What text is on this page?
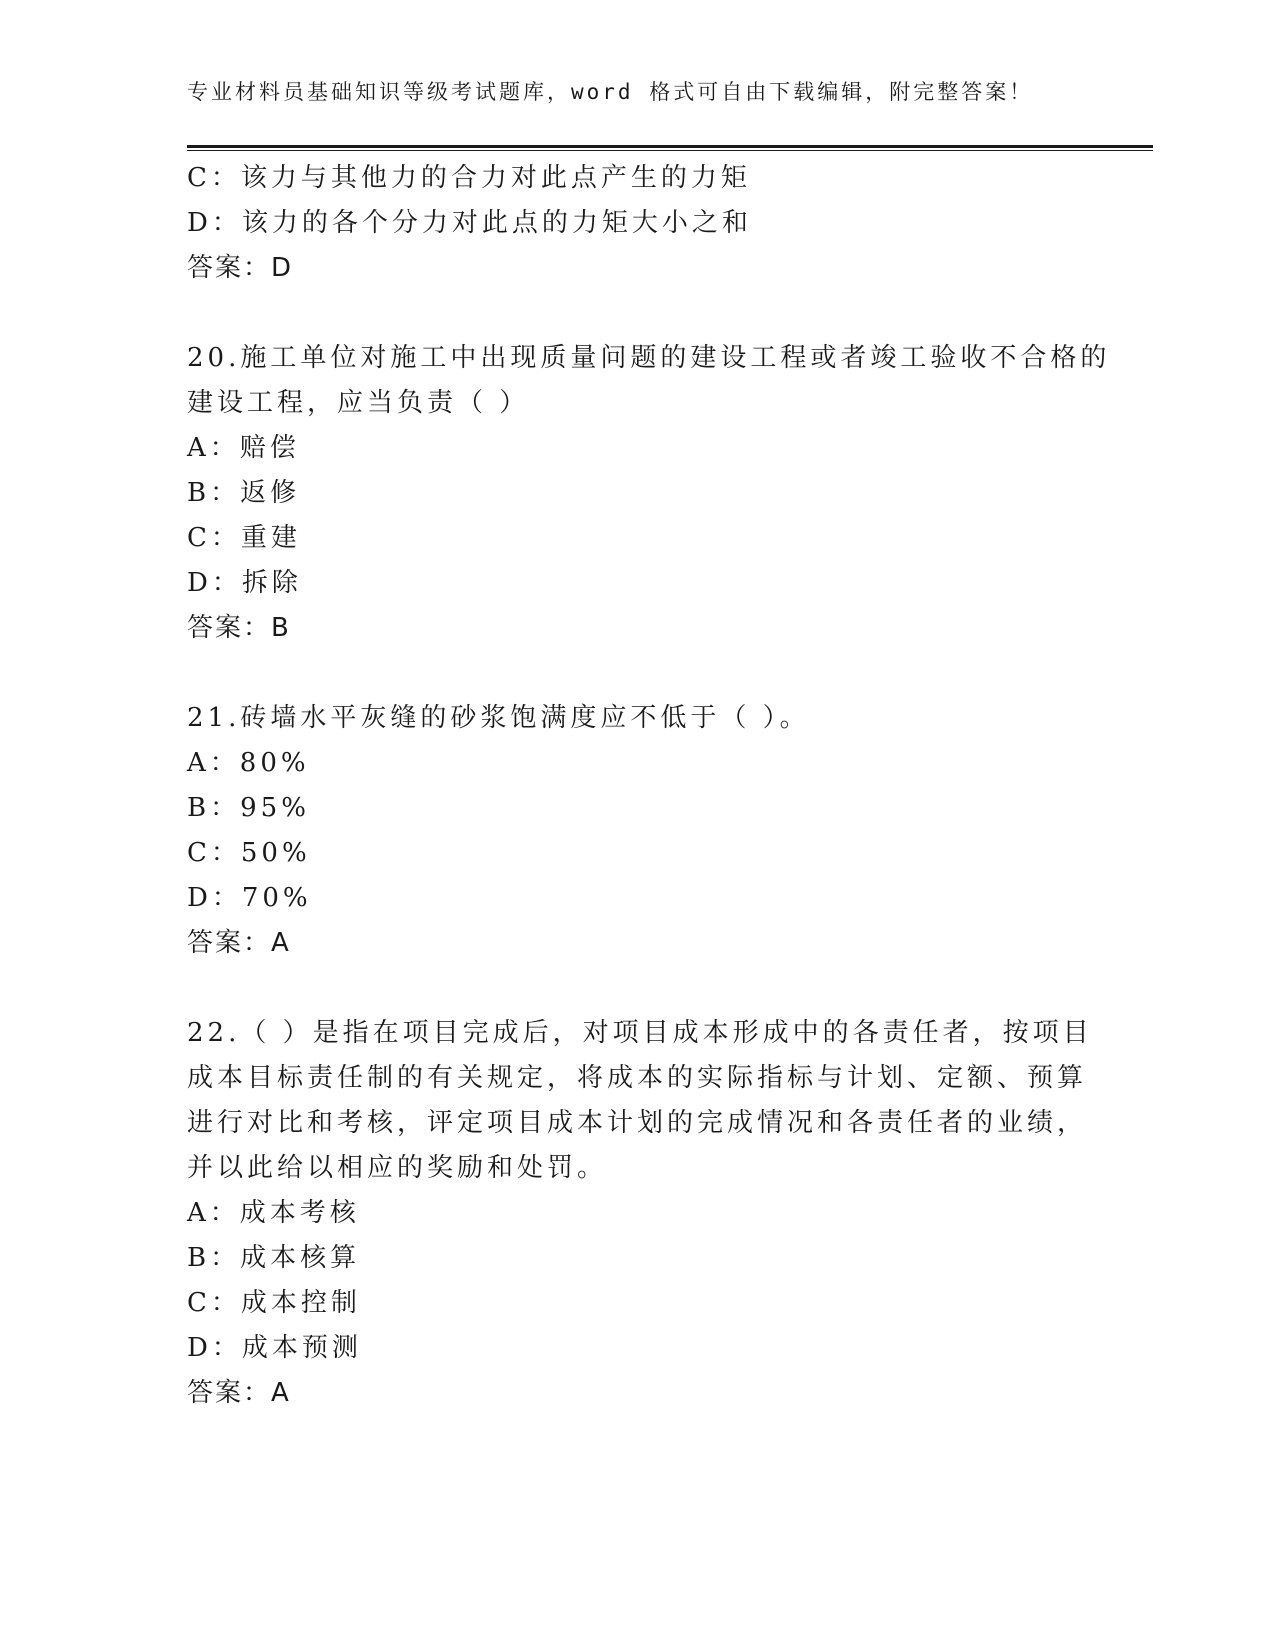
专业材料员基础知识等级考试题库，word 格式可自由下载编辑，附完整答案！
C：该力与其他力的合力对此点产生的力矩
D：该力的各个分力对此点的力矩大小之和
答案：D
20.施工单位对施工中出现质量问题的建设工程或者竣工验收不合格的
建设工程，应当负责（ ）
A：赔偿
B：返修
C：重建
D：拆除
答案：B
21.砖墙水平灰缝的砂浆饱满度应不低于（ ）。
A：80%
B：95%
C：50%
D：70%
答案：A
22.（ ）是指在项目完成后，对项目成本形成中的各责任者，按项目
成本目标责任制的有关规定，将成本的实际指标与计划、定额、预算
进行对比和考核，评定项目成本计划的完成情况和各责任者的业绩，
并以此给以相应的奖励和处罚。
A：成本考核
B：成本核算
C：成本控制
D：成本预测
答案：A
